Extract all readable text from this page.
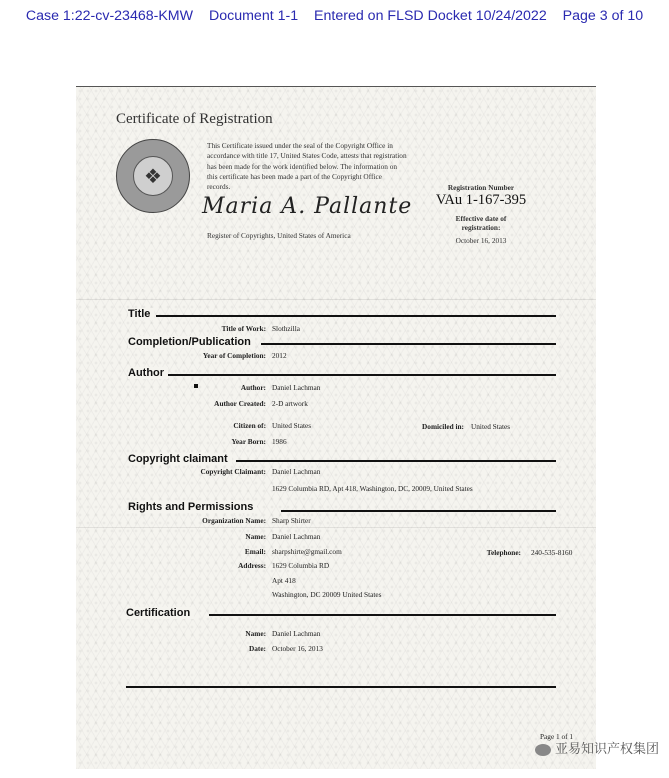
Case 1:22-cv-23468-KMW Document 1-1 Entered on FLSD Docket 10/24/2022 Page 3 of 10
Certificate of Registration
❖
This Certificate issued under the seal of the Copyright Office in accordance with title 17, United States Code, attests that registration has been made for the work identified below. The information on this certificate has been made a part of the Copyright Office records.
Maria A. Pallante
Register of Copyrights, United States of America
Registration Number
VAu 1-167-395
Effective date of
registration:
October 16, 2013
Title
Title of Work: Slothzilla
Completion/Publication
Year of Completion: 2012
Author
Author: Daniel Lachman
Author Created: 2-D artwork
Citizen of: United States	Domiciled in: United States
Year Born: 1986
Copyright claimant
Copyright Claimant: Daniel Lachman
1629 Columbia RD, Apt 418, Washington, DC, 20009, United States
Rights and Permissions
Organization Name: Sharp Shirter
Name: Daniel Lachman
Email: sharpshirte@gmail.com	Telephone: 240-535-8160
Address: 1629 Columbia RD
Apt 418
Washington, DC 20009 United States
Certification
Name: Daniel Lachman
Date: October 16, 2013
Page 1 of 1
亚易知识产权集团
